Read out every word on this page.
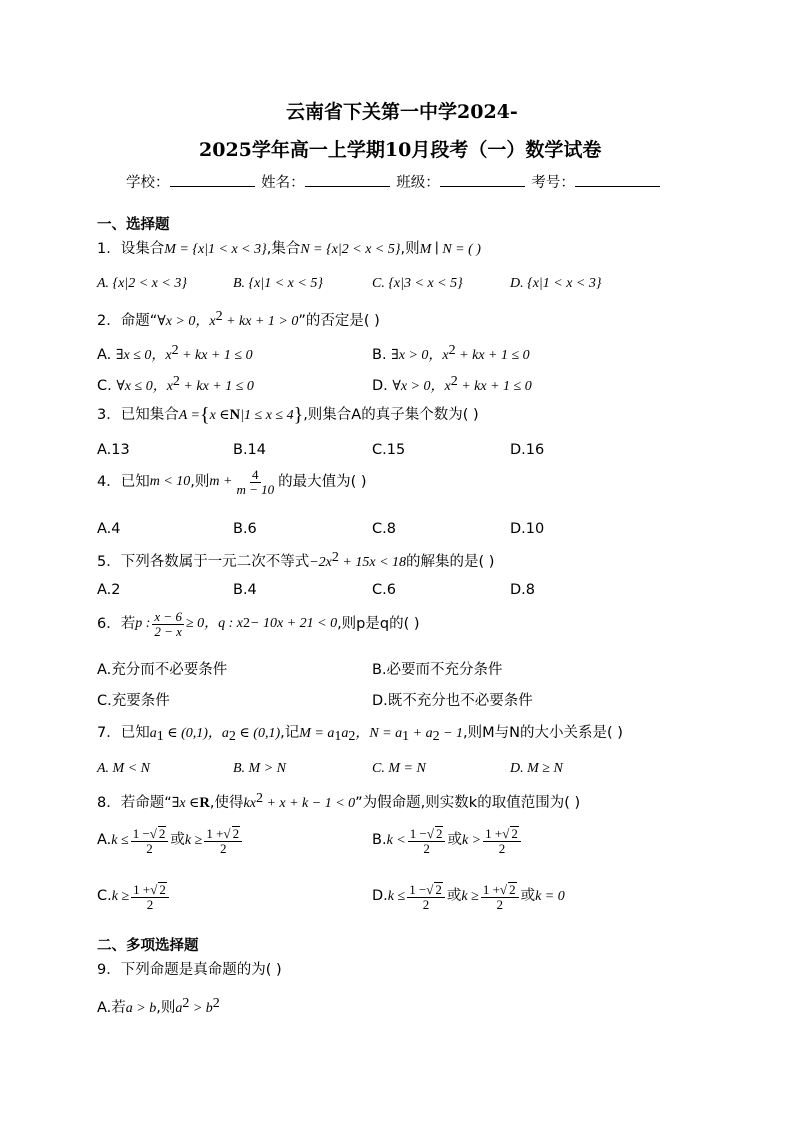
云南省下关第一中学2024-
2025学年高一上学期10月段考（一）数学试卷
学校：	姓名：	班级：	考号：
一、选择题
1．设集合M = {x|1 < x < 3},集合N = {x|2 < x < 5},则M ∣ N = ( )
A. {x|2 < x < 3}	B. {x|1 < x < 5}	C. {x|3 < x < 5}	D. {x|1 < x < 3}
2．命题“∀x > 0，$x^2$ + kx + 1 > 0”的否定是( )
A. ∃x ≤ 0，$x^2$ + kx + 1 ≤ 0	B. ∃x > 0，$x^2$ + kx + 1 ≤ 0
C. ∀x ≤ 0，$x^2$ + kx + 1 ≤ 0	D. ∀x > 0，$x^2$ + kx + 1 ≤ 0
3．已知集合A ={x ∈N|1 ≤ x ≤ 4},则集合A的真子集个数为( )
A.13	B.14	C.15	D.16
4． 已知 m < 10 ,则 $m + \frac{4}{m - 10}$ 的最大值为( )
A.4	B.6	C.8	D.10
5．下列各数属于一元二次不等式$-2x^2 + 15x < 18$的解集的是( )
A.2	B.4	C.6	D.8
6． 若 p : $\frac{x - 6}{2 - x} \ge 0$，q : x 2 − 10x + 21 < 0 ,则p是q的( )
A.充分而不必要条件	B.必要而不充分条件
C.充要条件	D.既不充分也不必要条件
7．已知$a_1$ ∈ (0,1)，$a_2$ ∈ (0,1),记$M = a_1a_2$，$N = a_1 + a_2 - 1$,则M与N的大小关系是( )
A. M < N	B. M > N	C. M = N	D. M ≥ N
8．若命题“∃x ∈R,使得$kx^2 + x + k - 1 < 0$”为假命题,则实数k的取值范围为( )
A. $k \le \frac{1 -√ 2}{2}$ 或 $k \ge \frac{1 +√ 2}{2}$	B. $k < \frac{1 -√ 2}{2}$ 或 $k > \frac{1 +√ 2}{2}$
C. $k \ge \frac{1 +√ 2}{2}$	D. $k \le \frac{1 -√ 2}{2}$ 或 $k \ge \frac{1 +√ 2}{2}$ 或 k = 0
二、多项选择题
9．下列命题是真命题的为( )
A.若a > b,则$a^2 > b^2$
